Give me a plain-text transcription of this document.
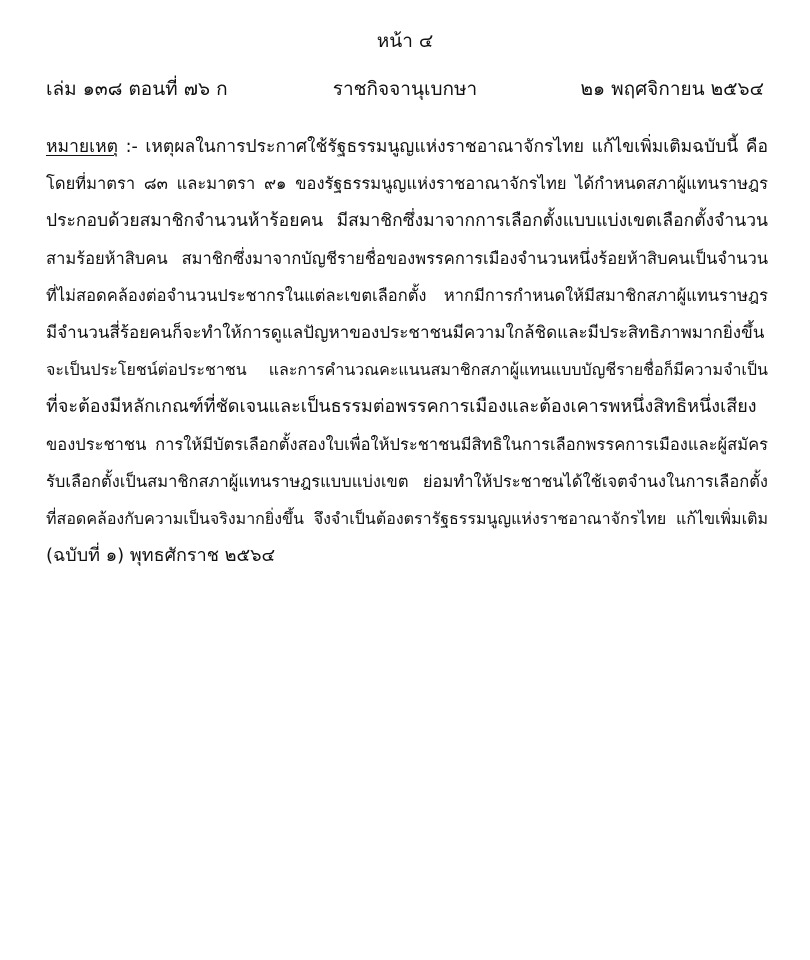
หน้า ๔
เล่ม ๑๓๘ ตอนที่ ๗๖ ก	ราชกิจจานุเบกษา	๒๑ พฤศจิกายน ๒๕๖๔
หมายเหตุ :- เหตุผลในการประกาศใช้รัฐธรรมนูญแห่งราชอาณาจักรไทย แก้ไขเพิ่มเติมฉบับนี้ คือ
โดยที่มาตรา ๘๓ และมาตรา ๙๑ ของรัฐธรรมนูญแห่งราชอาณาจักรไทย ได้กำหนดสภาผู้แทนราษฎร
ประกอบด้วยสมาชิกจำนวนห้าร้อยคน มีสมาชิกซึ่งมาจากการเลือกตั้งแบบแบ่งเขตเลือกตั้งจำนวน
สามร้อยห้าสิบคน สมาชิกซึ่งมาจากบัญชีรายชื่อของพรรคการเมืองจำนวนหนึ่งร้อยห้าสิบคนเป็นจำนวน
ที่ไม่สอดคล้องต่อจำนวนประชากรในแต่ละเขตเลือกตั้ง หากมีการกำหนดให้มีสมาชิกสภาผู้แทนราษฎร
มีจำนวนสี่ร้อยคนก็จะทำให้การดูแลปัญหาของประชาชนมีความใกล้ชิดและมีประสิทธิภาพมากยิ่งขึ้น
จะเป็นประโยชน์ต่อประชาชน และการคำนวณคะแนนสมาชิกสภาผู้แทนแบบบัญชีรายชื่อก็มีความจำเป็น
ที่จะต้องมีหลักเกณฑ์ที่ชัดเจนและเป็นธรรมต่อพรรคการเมืองและต้องเคารพหนึ่งสิทธิหนึ่งเสียง
ของประชาชน การให้มีบัตรเลือกตั้งสองใบเพื่อให้ประชาชนมีสิทธิในการเลือกพรรคการเมืองและผู้สมัคร
รับเลือกตั้งเป็นสมาชิกสภาผู้แทนราษฎรแบบแบ่งเขต ย่อมทำให้ประชาชนได้ใช้เจตจำนงในการเลือกตั้ง
ที่สอดคล้องกับความเป็นจริงมากยิ่งขึ้น จึงจำเป็นต้องตรารัฐธรรมนูญแห่งราชอาณาจักรไทย แก้ไขเพิ่มเติม
(ฉบับที่ ๑) พุทธศักราช ๒๕๖๔
